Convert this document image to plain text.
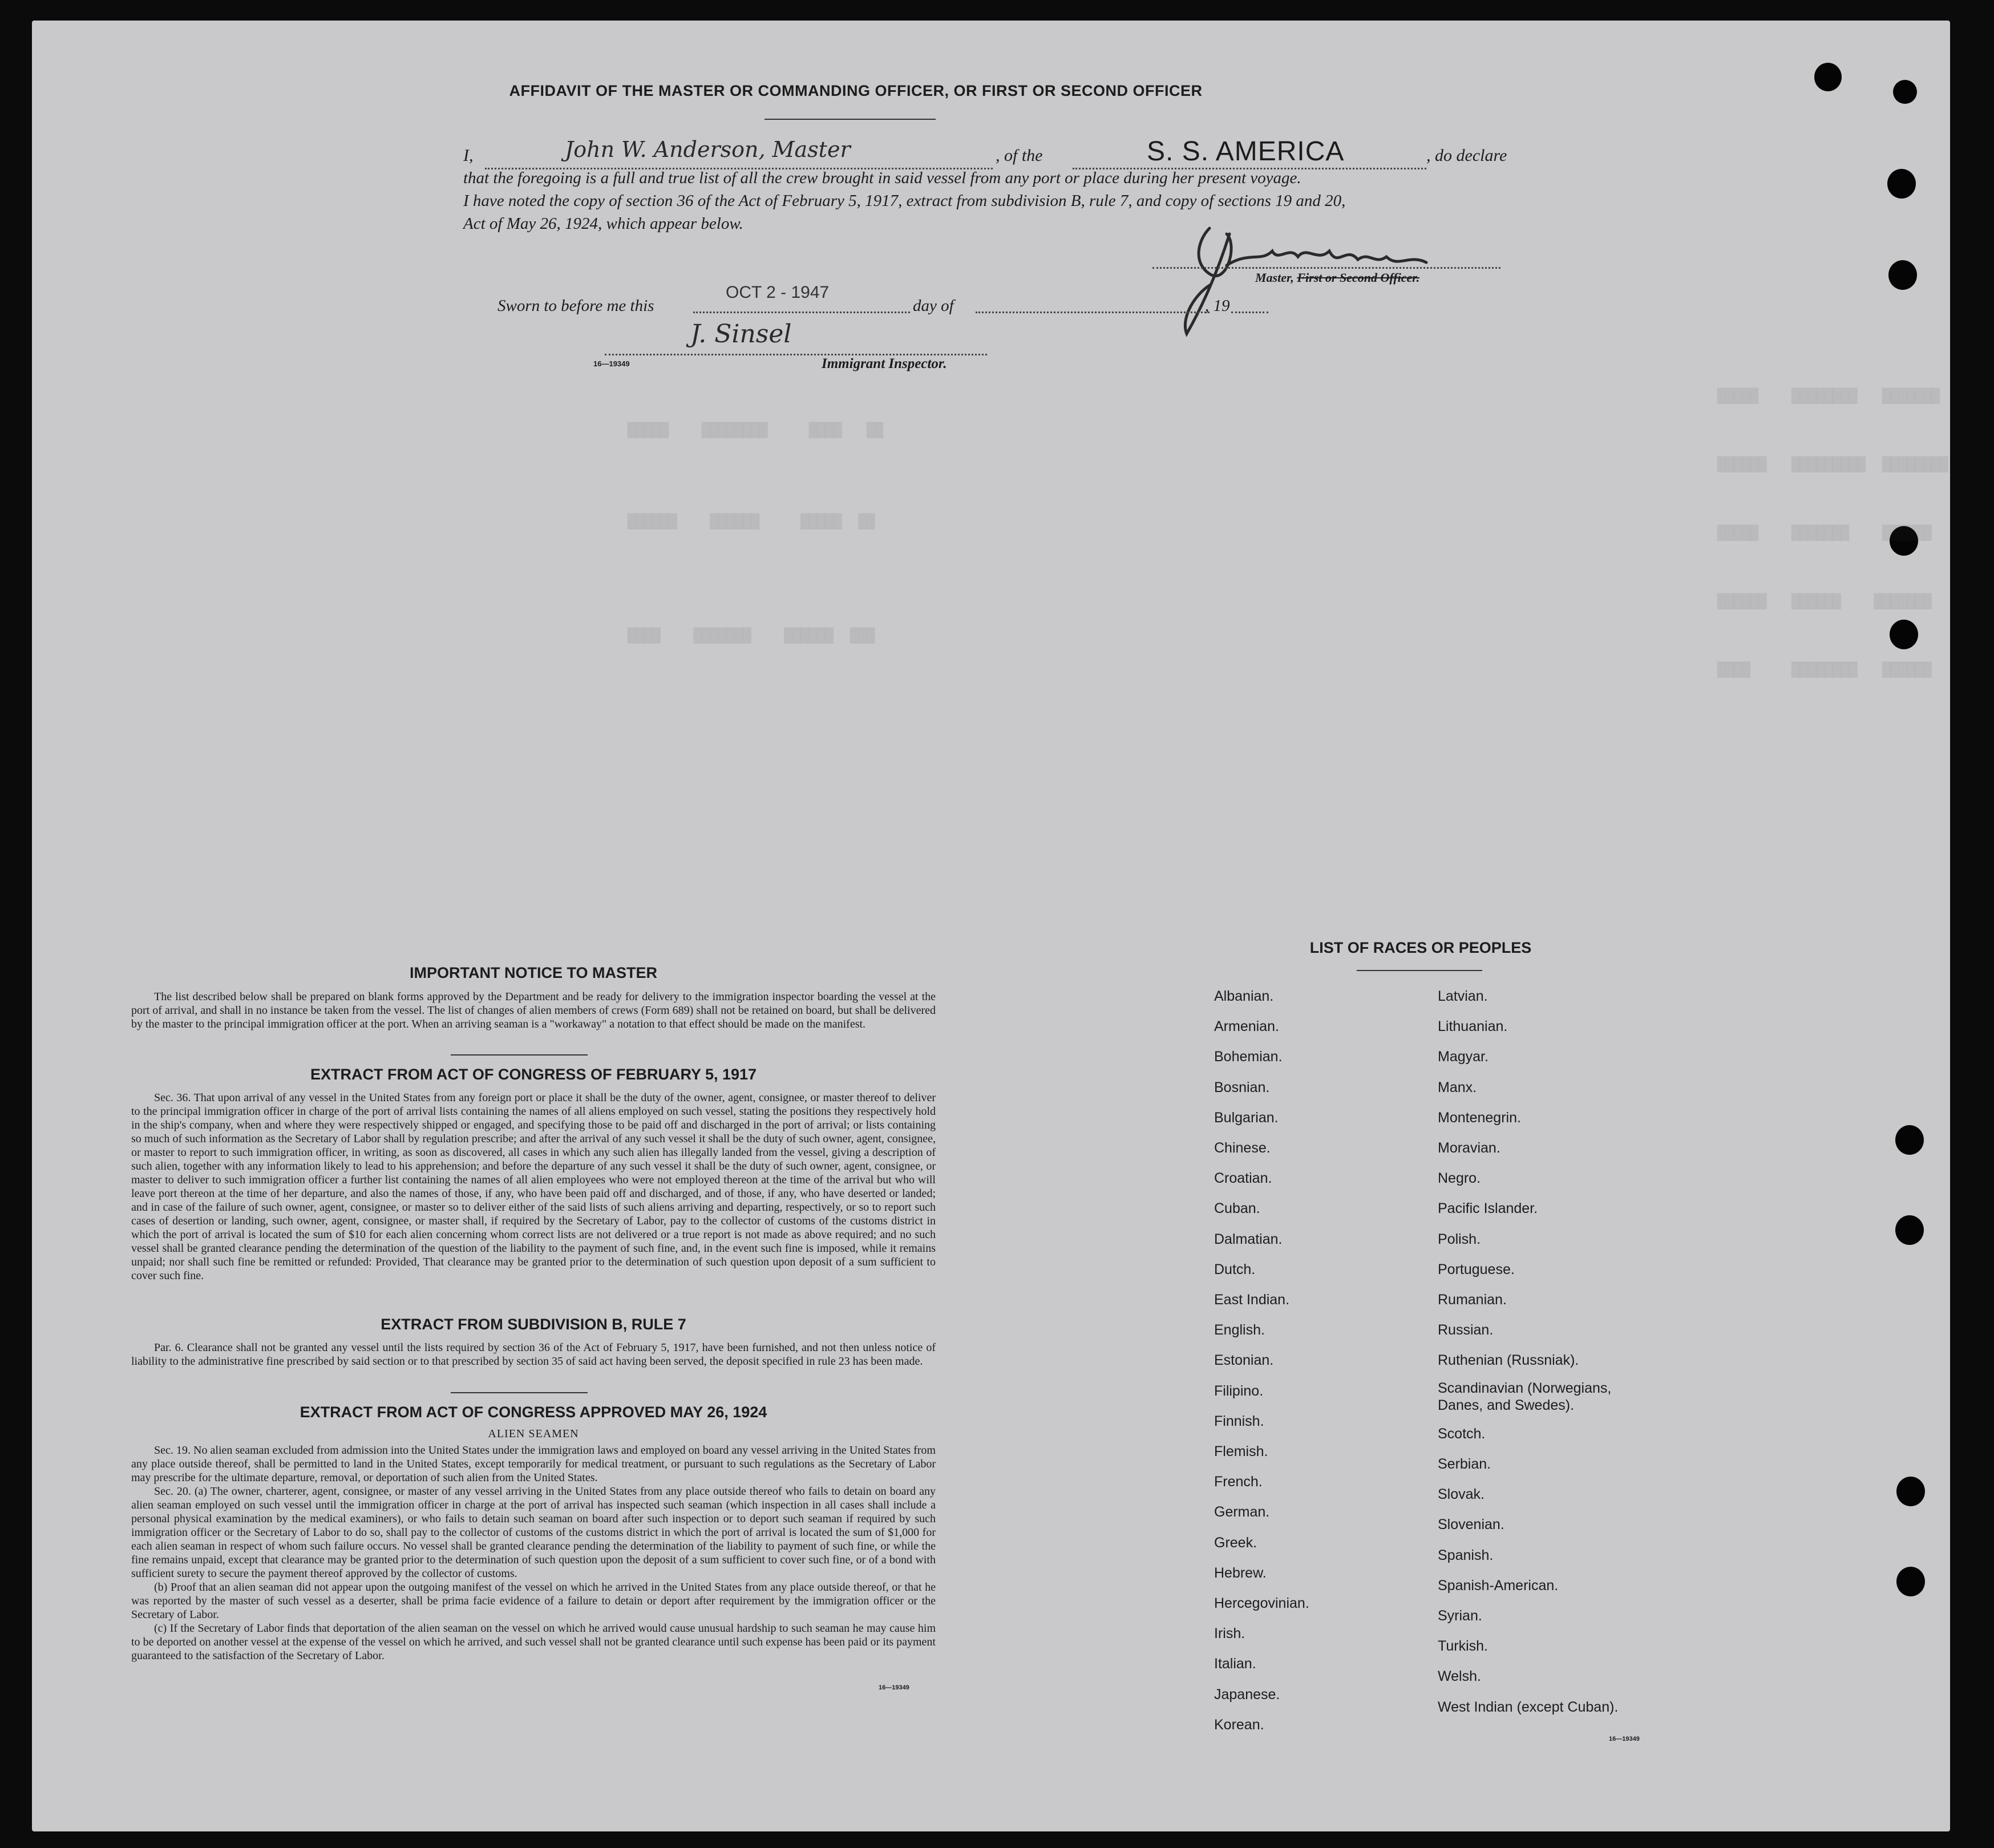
█████    ████████   ███████
██████   █████████  ████████
█████    ███████    ██████
██████   ██████    ███████
████     ████████   ██████
█████    ████████     ████   ██
██████    ██████     █████  ██
████    ███████    ██████  ███
AFFIDAVIT OF THE MASTER OR COMMANDING OFFICER, OR FIRST OR SECOND OFFICER
I,	John W. Anderson, Master	, of the	S. S. AMERICA	, do declare
that the foregoing is a full and true list of all the crew brought in said vessel from any port or place during her present voyage.
I have noted the copy of section 36 of the Act of February 5, 1917, extract from subdivision B, rule 7, and copy of sections 19 and 20,
Act of May 26, 1924, which appear below.
Master, First or Second Officer.
Sworn to before me this
OCT 2 - 1947
day of	, 19
J. Sinsel
16—19349	Immigrant Inspector.
IMPORTANT NOTICE TO MASTER

The list described below shall be prepared on blank forms approved by the Department and be ready for delivery to the immigration inspector boarding the vessel at the port of arrival, and shall in no instance be taken from the vessel. The list of changes of alien members of crews (Form 689) shall not be retained on board, but shall be delivered by the master to the principal immigration officer at the port. When an arriving seaman is a "workaway" a notation to that effect should be made on the manifest.

EXTRACT FROM ACT OF CONGRESS OF FEBRUARY 5, 1917

Sec. 36. That upon arrival of any vessel in the United States from any foreign port or place it shall be the duty of the owner, agent, consignee, or master thereof to deliver to the principal immigration officer in charge of the port of arrival lists containing the names of all aliens employed on such vessel, stating the positions they respectively hold in the ship's company, when and where they were respectively shipped or engaged, and specifying those to be paid off and discharged in the port of arrival; or lists containing so much of such information as the Secretary of Labor shall by regulation prescribe; and after the arrival of any such vessel it shall be the duty of such owner, agent, consignee, or master to report to such immigration officer, in writing, as soon as discovered, all cases in which any such alien has illegally landed from the vessel, giving a description of such alien, together with any information likely to lead to his apprehension; and before the departure of any such vessel it shall be the duty of such owner, agent, consignee, or master to deliver to such immigration officer a further list containing the names of all alien employees who were not employed thereon at the time of the arrival but who will leave port thereon at the time of her departure, and also the names of those, if any, who have been paid off and discharged, and of those, if any, who have deserted or landed; and in case of the failure of such owner, agent, consignee, or master so to deliver either of the said lists of such aliens arriving and departing, respectively, or so to report such cases of desertion or landing, such owner, agent, consignee, or master shall, if required by the Secretary of Labor, pay to the collector of customs of the customs district in which the port of arrival is located the sum of $10 for each alien concerning whom correct lists are not delivered or a true report is not made as above required; and no such vessel shall be granted clearance pending the determination of the question of the liability to the payment of such fine, and, in the event such fine is imposed, while it remains unpaid; nor shall such fine be remitted or refunded: Provided, That clearance may be granted prior to the determination of such question upon deposit of a sum sufficient to cover such fine.

EXTRACT FROM SUBDIVISION B, RULE 7

Par. 6. Clearance shall not be granted any vessel until the lists required by section 36 of the Act of February 5, 1917, have been furnished, and not then unless notice of liability to the administrative fine prescribed by said section or to that prescribed by section 35 of said act having been served, the deposit specified in rule 23 has been made.

EXTRACT FROM ACT OF CONGRESS APPROVED MAY 26, 1924
ALIEN SEAMEN

Sec. 19. No alien seaman excluded from admission into the United States under the immigration laws and employed on board any vessel arriving in the United States from any place outside thereof, shall be permitted to land in the United States, except temporarily for medical treatment, or pursuant to such regulations as the Secretary of Labor may prescribe for the ultimate departure, removal, or deportation of such alien from the United States.

Sec. 20. (a) The owner, charterer, agent, consignee, or master of any vessel arriving in the United States from any place outside thereof who fails to detain on board any alien seaman employed on such vessel until the immigration officer in charge at the port of arrival has inspected such seaman (which inspection in all cases shall include a personal physical examination by the medical examiners), or who fails to detain such seaman on board after such inspection or to deport such seaman if required by such immigration officer or the Secretary of Labor to do so, shall pay to the collector of customs of the customs district in which the port of arrival is located the sum of $1,000 for each alien seaman in respect of whom such failure occurs. No vessel shall be granted clearance pending the determination of the liability to payment of such fine, or while the fine remains unpaid, except that clearance may be granted prior to the determination of such question upon the deposit of a sum sufficient to cover such fine, or of a bond with sufficient surety to secure the payment thereof approved by the collector of customs.

(b) Proof that an alien seaman did not appear upon the outgoing manifest of the vessel on which he arrived in the United States from any place outside thereof, or that he was reported by the master of such vessel as a deserter, shall be prima facie evidence of a failure to detain or deport after requirement by the immigration officer or the Secretary of Labor.

(c) If the Secretary of Labor finds that deportation of the alien seaman on the vessel on which he arrived would cause unusual hardship to such seaman he may cause him to be deported on another vessel at the expense of the vessel on which he arrived, and such vessel shall not be granted clearance until such expense has been paid or its payment guaranteed to the satisfaction of the Secretary of Labor.

16—19349
LIST OF RACES OR PEOPLES
Albanian.
Armenian.
Bohemian.
Bosnian.
Bulgarian.
Chinese.
Croatian.
Cuban.
Dalmatian.
Dutch.
East Indian.
English.
Estonian.
Filipino.
Finnish.
Flemish.
French.
German.
Greek.
Hebrew.
Hercegovinian.
Irish.
Italian.
Japanese.
Korean.
Latvian.
Lithuanian.
Magyar.
Manx.
Montenegrin.
Moravian.
Negro.
Pacific Islander.
Polish.
Portuguese.
Rumanian.
Russian.
Ruthenian (Russniak).
Scandinavian (Norwegians, Danes, and Swedes).
Scotch.
Serbian.
Slovak.
Slovenian.
Spanish.
Spanish-American.
Syrian.
Turkish.
Welsh.
West Indian (except Cuban).
16—19349
